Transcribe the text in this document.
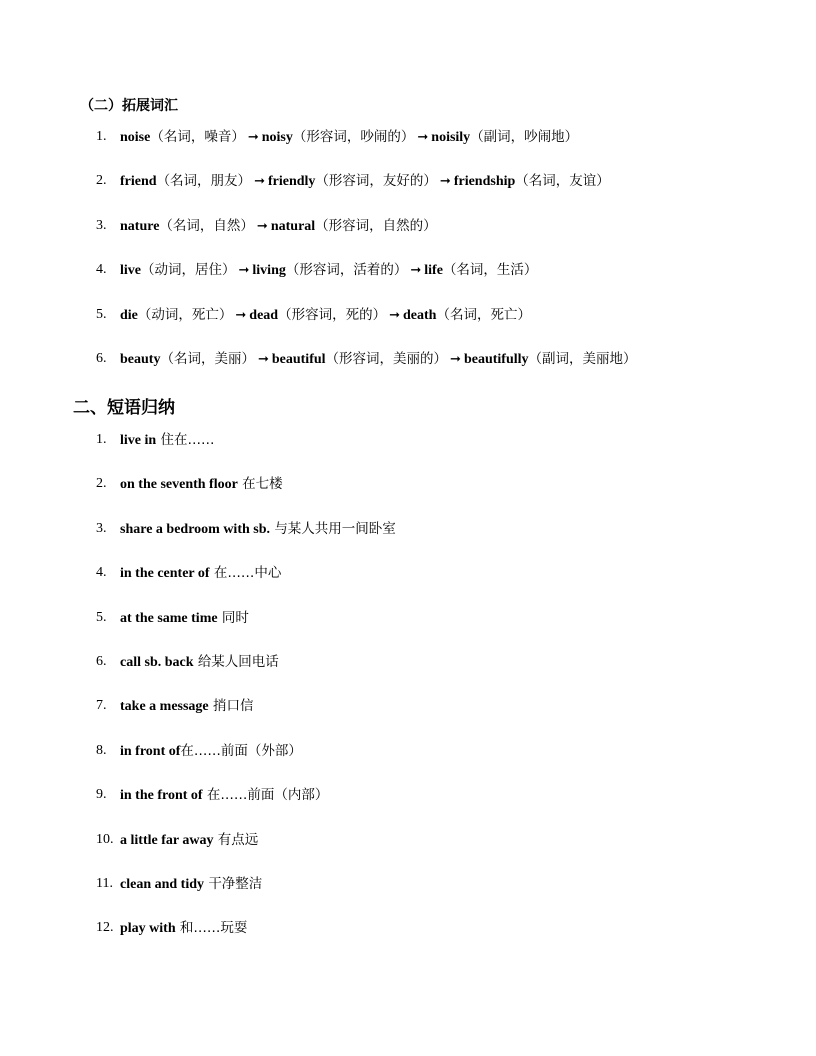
（二）拓展词汇
1. noise（名词，噪音） ➞ noisy（形容词，吵闹的） ➞ noisily（副词，吵闹地）
2. friend（名词，朋友） ➞ friendly（形容词，友好的） ➞ friendship（名词，友谊）
3. nature（名词，自然） ➞ natural（形容词，自然的）
4. live（动词，居住） ➞ living（形容词，活着的） ➞ life（名词，生活）
5. die（动词，死亡） ➞ dead（形容词，死的） ➞ death（名词，死亡）
6. beauty（名词，美丽） ➞ beautiful（形容词，美丽的） ➞ beautifully（副词，美丽地）
二、短语归纳
1. live in 住在……
2. on the seventh floor 在七楼
3. share a bedroom with sb. 与某人共用一间卧室
4. in the center of 在……中心
5. at the same time 同时
6. call sb. back 给某人回电话
7. take a message 捎口信
8. in front of在……前面（外部）
9. in the front of 在……前面（内部）
10. a little far away 有点远
11. clean and tidy 干净整洁
12. play with 和……玩耍
